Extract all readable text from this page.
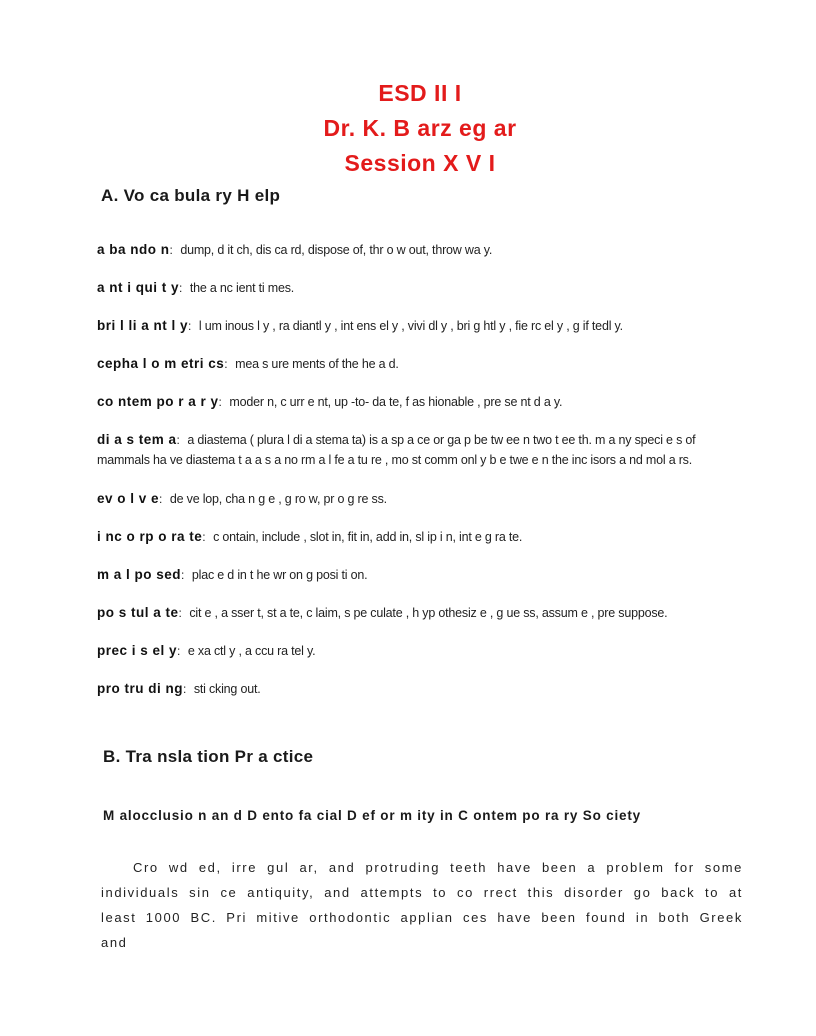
ESD II I
Dr. K. B arz eg ar
Session X V I
A. Vo ca bula ry H elp
a ba ndo n: dump, d it ch, dis ca rd, dispose of, thr o w out, throw wa y.
a nt i qui t y: the a nc ient ti mes.
bri l li a nt l y: l um inous l y , ra diantl y , int ens el y , vivi dl y , bri g htl y , fie rc el y , g if tedl y.
cepha l o m etri cs: mea s ure ments of the he a d.
co ntem po r a r y: moder n, c urr e nt, up -to- da te, f as hionable , pre se nt d a y.
di a s tem a: a diastema ( plura l di a stema ta) is a sp a ce or ga p be tw ee n two t ee th. m a ny speci e s of mammals ha ve diastema t a a s a no rm a l fe a tu re , mo st comm onl y b e twe e n the inc isors a nd mol a rs.
ev o l v e: de ve lop, cha n g e , g ro w, pr o g re ss.
i nc o rp o ra te: c ontain, include , slot in, fit in, add in, sl ip i n, int e g ra te.
m a l po sed: plac e d in t he wr on g posi ti on.
po s tul a te: cit e , a sser t, st a te, c laim, s pe culate , h yp othesiz e , g ue ss, assum e , pre suppose.
prec i s el y: e xa ctl y , a ccu ra tel y.
pro tru di ng: sti cking out.
B. Tra nsla tion Pr a ctice
M alocclusio n an d D ento fa cial D ef or m ity in C ontem po ra ry So ciety
Cro wd ed, irre gul ar, and protruding teeth have been a problem for some individuals sin ce antiquity, and attempts to co rrect this disorder go back to at least 1000 BC. Pri mitive orthodontic applian ces have been found in both Greek and
